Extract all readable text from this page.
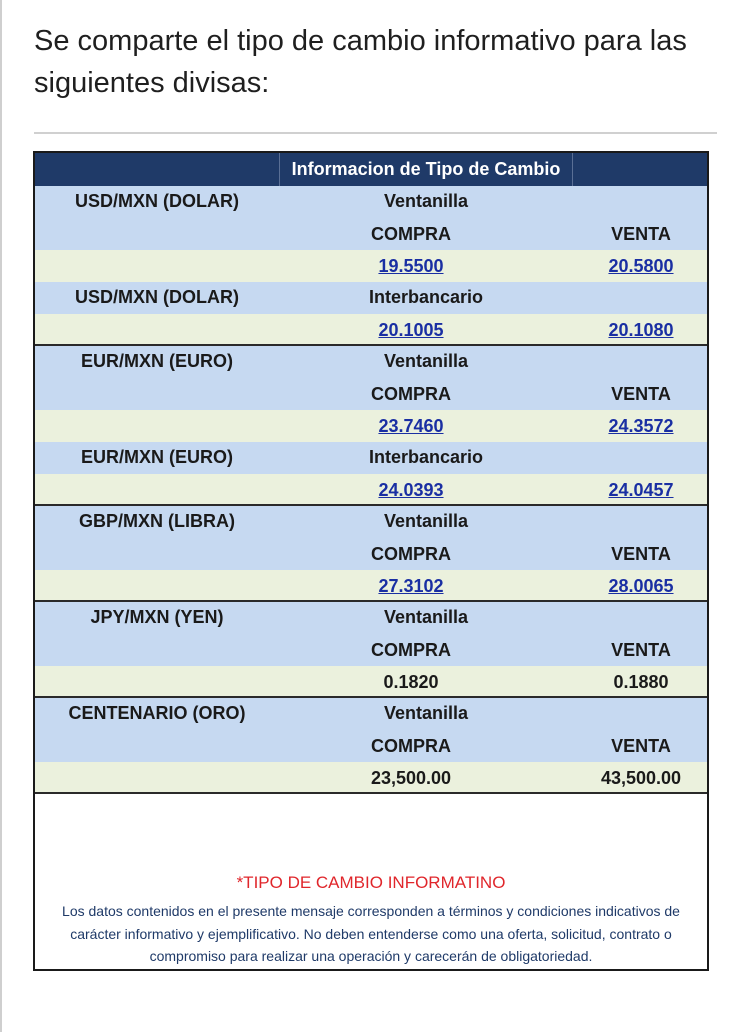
Se comparte el tipo de cambio informativo para las siguientes divisas:

Informacion de Tipo de Cambio
USD/MXN (DOLAR)	Ventanilla
COMPRA	VENTA
19.5500	20.5800
USD/MXN (DOLAR)	Interbancario
20.1005	20.1080
EUR/MXN (EURO)	Ventanilla
COMPRA	VENTA
23.7460	24.3572
EUR/MXN (EURO)	Interbancario
24.0393	24.0457
GBP/MXN (LIBRA)	Ventanilla
COMPRA	VENTA
27.3102	28.0065
JPY/MXN (YEN)	Ventanilla
COMPRA	VENTA
0.1820	0.1880
CENTENARIO (ORO)	Ventanilla
COMPRA	VENTA
23,500.00	43,500.00
*TIPO DE CAMBIO INFORMATINO
Los datos contenidos en el presente mensaje corresponden a términos y condiciones indicativos de carácter informativo y ejemplificativo. No deben entenderse como una oferta, solicitud, contrato o compromiso para realizar una operación y carecerán de obligatoriedad.
